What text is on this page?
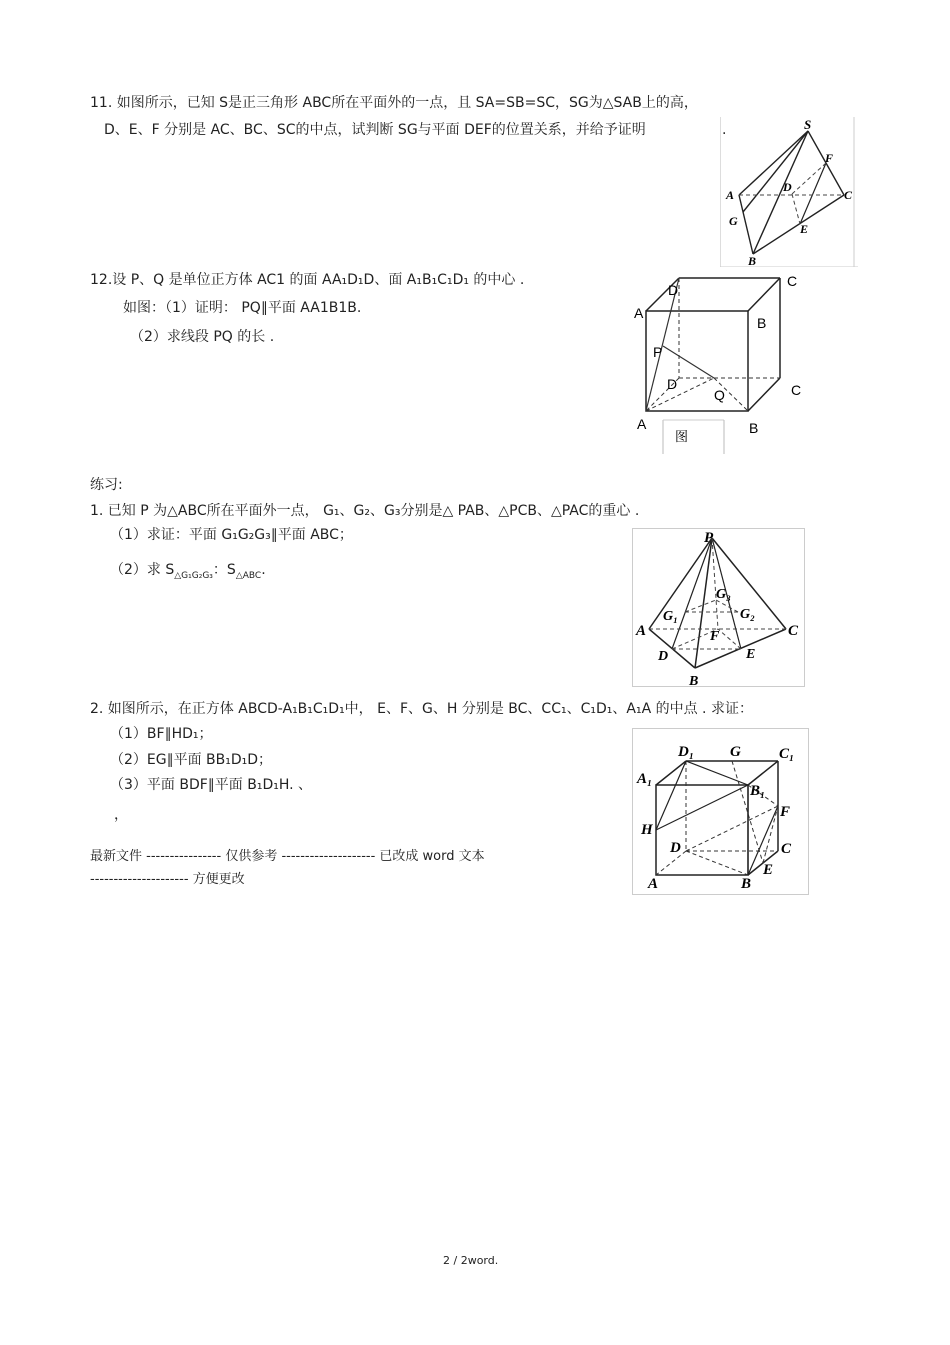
11. 如图所示，已知 S是正三角形 ABC所在平面外的一点，且 SA=SB=SC，SG为△SAB上的高，
D、E、F 分别是 AC、BC、SC的中点，试判断 SG与平面 DEF的位置关系，并给予证明	.	S
F
A
D
C
G
E
B
12.设 P、Q 是单位正方体 AC1 的面 AA₁D₁D、面 A₁B₁C₁D₁ 的中心 .
如图：（1）证明： PQ∥平面 AA1B1B.
（2）求线段 PQ 的长 .
D
C
A
B
P
D
Q	C
A	B
图
练习:
1. 已知 P 为△ABC所在平面外一点， G₁、G₂、G₃分别是△ PAB、△PCB、△PAC的重心 .
（1）求证：平面 G₁G₂G₃∥平面 ABC；
（2）求 $S_{\triangle G_1G_2G_3}$：$S_{\triangle ABC}$.
P
G₃
G₁	G₂
A	C
F
D	E
B
2. 如图所示，在正方体 ABCD-A₁B₁C₁D₁中， E、F、G、H 分别是 BC、CC₁、C₁D₁、A₁A 的中点 . 求证：
（1）BF∥HD₁；
（2）EG∥平面 BB₁D₁D；
（3）平面 BDF∥平面 B₁D₁H. 、
，
D₁ G	C₁
A₁
B₁
F
H
D	C
E
A	B
最新文件 ---------------- 仅供参考 -------------------- 已改成 word 文本
--------------------- 方便更改
2 / 2word.
